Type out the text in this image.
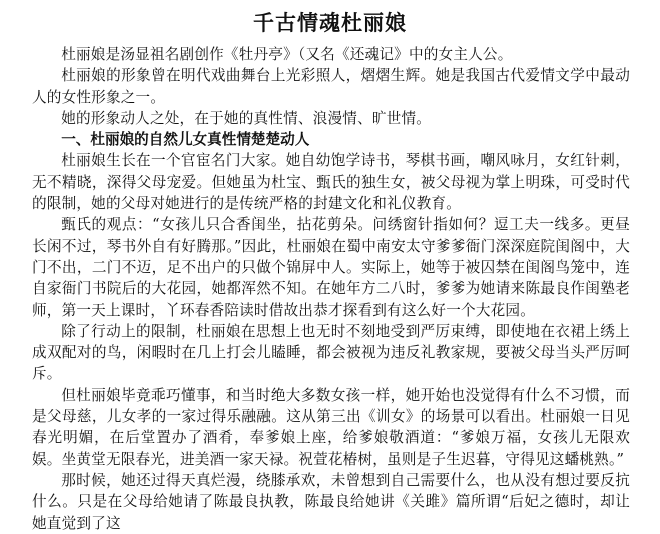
千古情魂杜丽娘

杜丽娘是汤显祖名剧创作《牡丹亭》（又名《还魂记》中的女主人公。

杜丽娘的形象曾在明代戏曲舞台上光彩照人，熠熠生辉。她是我国古代爱情文学中最动人的女性形象之一。

她的形象动人之处，在于她的真性情、浪漫情、旷世情。

一、杜丽娘的自然儿女真性情楚楚动人

杜丽娘生长在一个官宦名门大家。她自幼饱学诗书，琴棋书画，嘲风咏月，女红针刺，无不精晓，深得父母宠爱。但她虽为杜宝、甄氏的独生女，被父母视为掌上明珠，可受时代的限制，她的父母对她进行的是传统严格的封建文化和礼仪教育。

甄氏的观点：“女孩儿只合香闺坐，拈花剪朵。问绣窗针指如何？逗工夫一线多。更昼长闲不过，琴书外自有好腾那。”因此，杜丽娘在蜀中南安太守爹爹衙门深深庭院闺阁中，大门不出，二门不迈，足不出户的只做个锦屏中人。实际上，她等于被囚禁在闺阁鸟笼中，连自家衙门书院后的大花园，她都浑然不知。在她年方二八时，爹爹为她请来陈最良作闺塾老师，第一天上课时，丫环春香陪读时借故出恭才探看到有这么好一个大花园。

除了行动上的限制，杜丽娘在思想上也无时不刻地受到严厉束缚，即使地在衣裙上绣上成双配对的鸟，闲暇时在几上打会儿瞌睡，都会被视为违反礼教家规，要被父母当头严厉呵斥。

但杜丽娘毕竟乖巧懂事，和当时绝大多数女孩一样，她开始也没觉得有什么不习惯，而是父母慈，儿女孝的一家过得乐融融。这从第三出《训女》的场景可以看出。杜丽娘一日见春光明媚，在后堂置办了酒肴，奉爹娘上座，给爹娘敬酒道：“爹娘万福，女孩儿无限欢娱。坐黄堂无限春光，进美酒一家天禄。祝萱花椿树，虽则是子生迟暮，守得见这蟠桃熟。”

那时候，她还过得天真烂漫，绕膝承欢，未曾想到自己需要什么，也从没有想过要反抗什么。只是在父母给她请了陈最良执教，陈最良给她讲《关雎》篇所谓“后妃之德时，却让她直觉到了这
